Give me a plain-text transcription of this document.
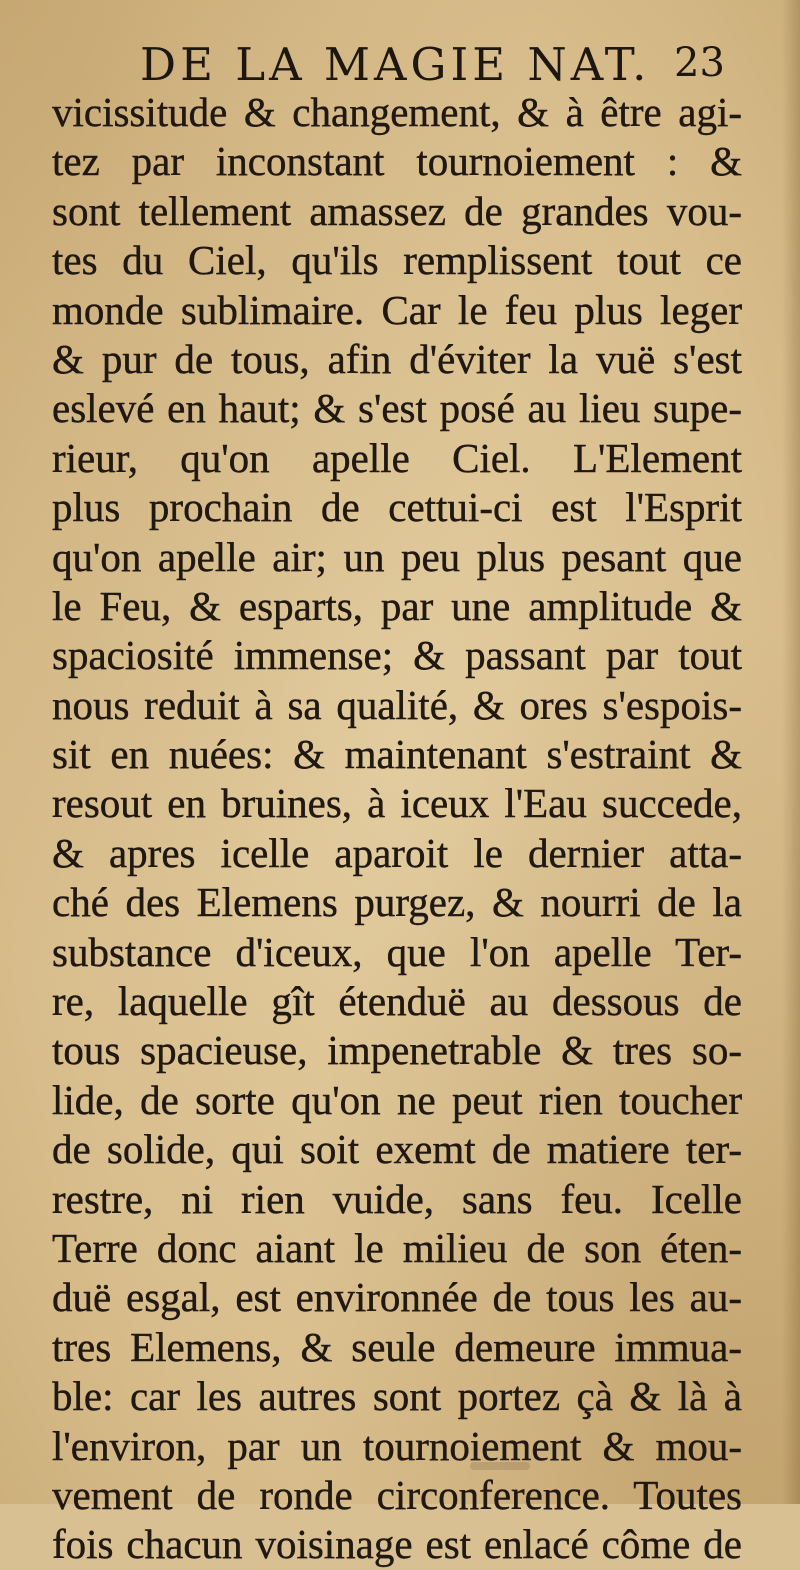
DE LA MAGIE NAT. 23
vicissitude & changement, & à être agi-
tez par inconstant tournoiement : &
sont tellement amassez de grandes vou-
tes du Ciel, qu'ils remplissent tout ce
monde sublimaire. Car le feu plus leger
& pur de tous, afin d'éviter la vuë s'est
eslevé en haut; & s'est posé au lieu supe-
rieur, qu'on apelle Ciel. L'Element
plus prochain de cettui-ci est l'Esprit
qu'on apelle air; un peu plus pesant que
le Feu, & esparts, par une amplitude &
spaciosité immense; & passant par tout
nous reduit à sa qualité, & ores s'espois-
sit en nuées: & maintenant s'estraint &
resout en bruines, à iceux l'Eau succede,
& apres icelle aparoit le dernier atta-
ché des Elemens purgez, & nourri de la
substance d'iceux, que l'on apelle Ter-
re, laquelle gît étenduë au dessous de
tous spacieuse, impenetrable & tres so-
lide, de sorte qu'on ne peut rien toucher
de solide, qui soit exemt de matiere ter-
restre, ni rien vuide, sans feu. Icelle
Terre donc aiant le milieu de son éten-
duë esgal, est environnée de tous les au-
tres Elemens, & seule demeure immua-
ble: car les autres sont portez çà & là à
l'environ, par un tournoiement & mou-
vement de ronde circonference. Toutes
fois chacun voisinage est enlacé côme de
